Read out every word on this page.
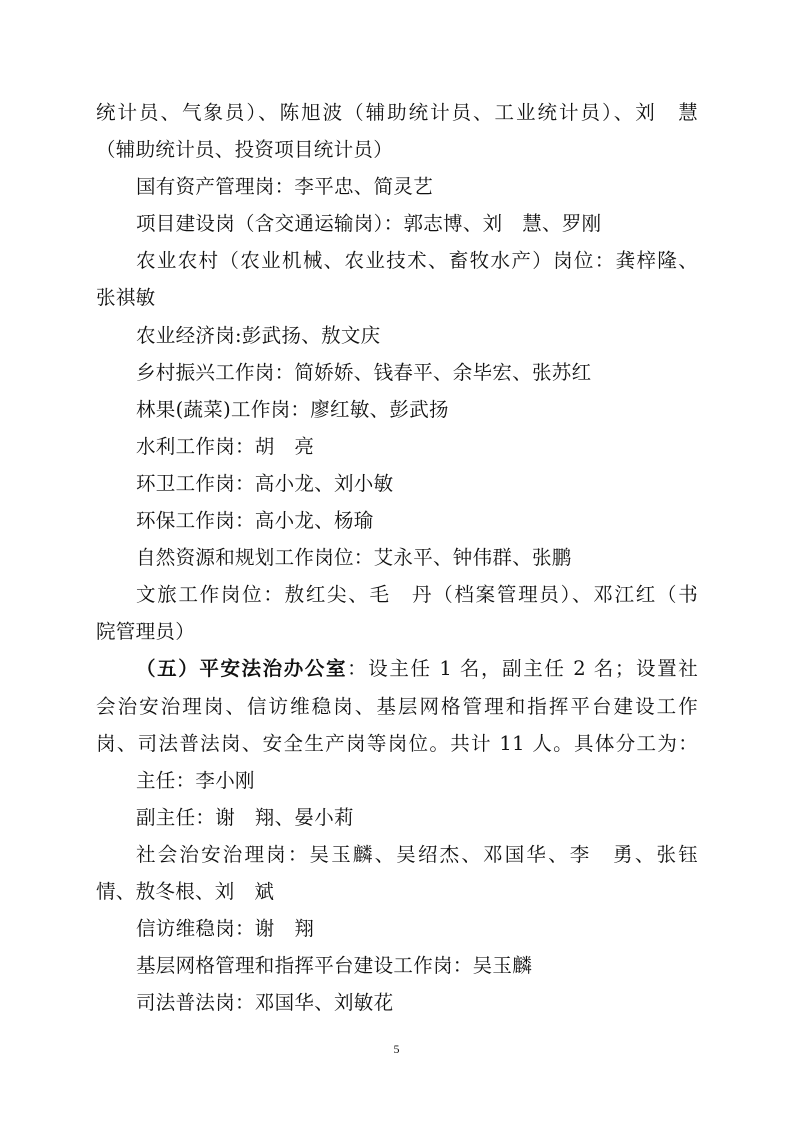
统计员、气象员）、陈旭波（辅助统计员、工业统计员）、刘　慧
（辅助统计员、投资项目统计员）
国有资产管理岗：李平忠、简灵艺
项目建设岗（含交通运输岗）：郭志博、刘　慧、罗刚
农业农村（农业机械、农业技术、畜牧水产）岗位：龚梓隆、
张祺敏
农业经济岗:彭武扬、敖文庆
乡村振兴工作岗：简娇娇、钱春平、余毕宏、张苏红
林果(蔬菜)工作岗：廖红敏、彭武扬
水利工作岗：胡　亮
环卫工作岗：高小龙、刘小敏
环保工作岗：高小龙、杨瑜
自然资源和规划工作岗位：艾永平、钟伟群、张鹏
文旅工作岗位：敖红尖、毛　丹（档案管理员）、邓江红（书
院管理员）
（五）平安法治办公室：设主任 1 名，副主任 2 名；设置社
会治安治理岗、信访维稳岗、基层网格管理和指挥平台建设工作
岗、司法普法岗、安全生产岗等岗位。共计 11 人。具体分工为：
主任：李小刚
副主任：谢　翔、晏小莉
社会治安治理岗：吴玉麟、吴绍杰、邓国华、李　勇、张钰
情、敖冬根、刘　斌
信访维稳岗：谢　翔
基层网格管理和指挥平台建设工作岗：吴玉麟
司法普法岗：邓国华、刘敏花
5
